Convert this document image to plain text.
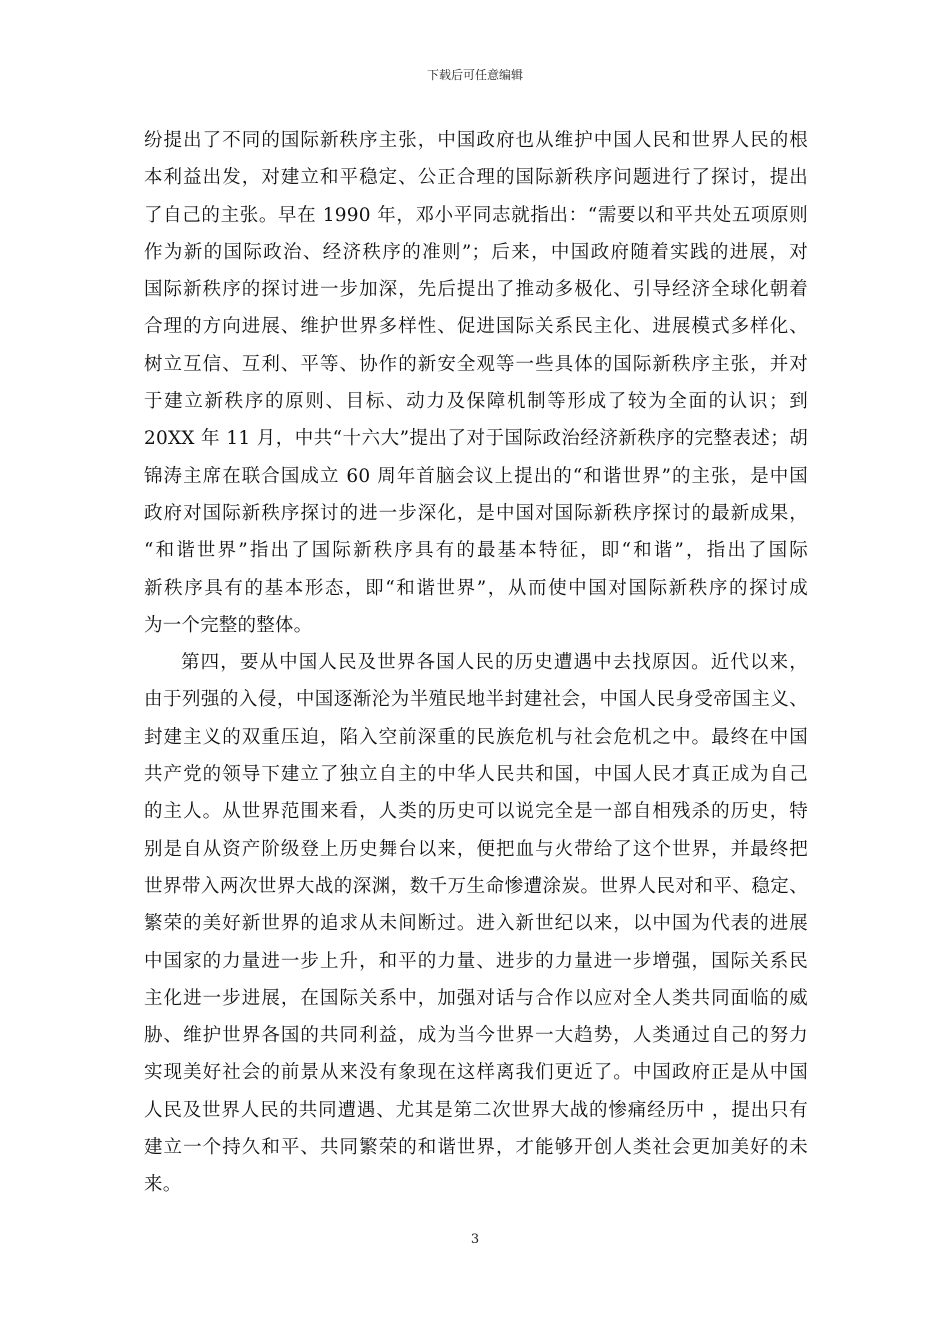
下载后可任意编辑
纷提出了不同的国际新秩序主张，中国政府也从维护中国人民和世界人民的根
本利益出发，对建立和平稳定、公正合理的国际新秩序问题进行了探讨，提出
了自己的主张。早在 1990 年，邓小平同志就指出：“需要以和平共处五项原则
作为新的国际政治、经济秩序的准则”；后来，中国政府随着实践的进展，对
国际新秩序的探讨进一步加深，先后提出了推动多极化、引导经济全球化朝着
合理的方向进展、维护世界多样性、促进国际关系民主化、进展模式多样化、
树立互信、互利、平等、协作的新安全观等一些具体的国际新秩序主张，并对
于建立新秩序的原则、目标、动力及保障机制等形成了较为全面的认识；到
20XX 年 11 月，中共“十六大”提出了对于国际政治经济新秩序的完整表述；胡
锦涛主席在联合国成立 60 周年首脑会议上提出的“和谐世界”的主张，是中国
政府对国际新秩序探讨的进一步深化，是中国对国际新秩序探讨的最新成果，
“和谐世界”指出了国际新秩序具有的最基本特征，即“和谐”，指出了国际
新秩序具有的基本形态，即“和谐世界”，从而使中国对国际新秩序的探讨成
为一个完整的整体。
第四，要从中国人民及世界各国人民的历史遭遇中去找原因。近代以来，
由于列强的入侵，中国逐渐沦为半殖民地半封建社会，中国人民身受帝国主义、
封建主义的双重压迫，陷入空前深重的民族危机与社会危机之中。最终在中国
共产党的领导下建立了独立自主的中华人民共和国，中国人民才真正成为自己
的主人。从世界范围来看，人类的历史可以说完全是一部自相残杀的历史，特
别是自从资产阶级登上历史舞台以来，便把血与火带给了这个世界，并最终把
世界带入两次世界大战的深渊，数千万生命惨遭涂炭。世界人民对和平、稳定、
繁荣的美好新世界的追求从未间断过。进入新世纪以来，以中国为代表的进展
中国家的力量进一步上升，和平的力量、进步的力量进一步增强，国际关系民
主化进一步进展，在国际关系中，加强对话与合作以应对全人类共同面临的威
胁、维护世界各国的共同利益，成为当今世界一大趋势，人类通过自己的努力
实现美好社会的前景从来没有象现在这样离我们更近了。中国政府正是从中国
人民及世界人民的共同遭遇、尤其是第二次世界大战的惨痛经历中 ，提出只有
建立一个持久和平、共同繁荣的和谐世界，才能够开创人类社会更加美好的未
来。
3
